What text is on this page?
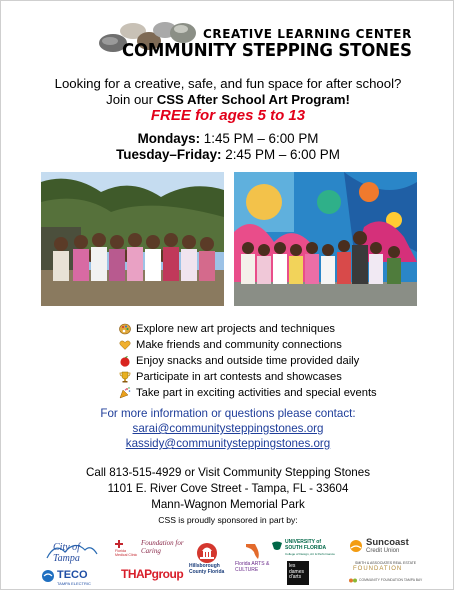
CREATIVE LEARNING CENTER
COMMUNITY STEPPING STONES
Looking for a creative, safe, and fun space for after school?
Join our CSS After School Art Program!
FREE for ages 5 to 13
Mondays: 1:45 PM – 6:00 PM
Tuesday–Friday: 2:45 PM – 6:00 PM
Explore new art projects and techniques
Make friends and community connections
Enjoy snacks and outside time provided daily
Participate in art contests and showcases
Take part in exciting activities and special events
For more information or questions please contact:
sarai@communitysteppingstones.org
kassidy@communitysteppingstones.org
Call 813-515-4929 or Visit Community Stepping Stones
1101 E. River Cove Street - Tampa, FL - 33604
Mann-Wagnon Memorial Park
CSS is proudly sponsored in part by:
City of Tampa
TECO
TAMPA ELECTRIC
Florida Medical Clinic
Foundation for Caring
THAPgroup
Hillsborough County Florida
Florida ARTS & CULTURE
UNIVERSITY of SOUTH FLORIDA
College of Design, Art & Performance
les dames d'arts
Suncoast
Credit Union
SMITH & ASSOCIATES REAL ESTATE
FOUNDATION
COMMUNITY FOUNDATION TAMPA BAY
